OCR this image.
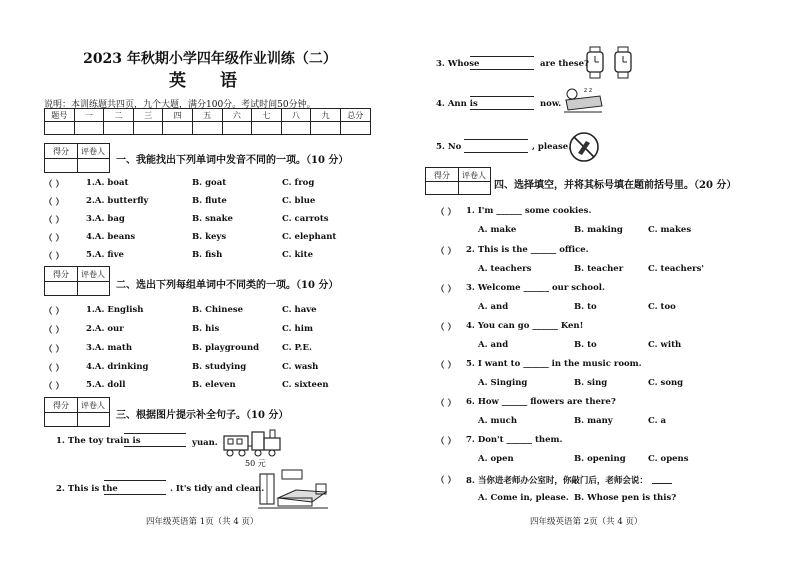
2023 年秋期小学四年级作业训练（二）
英 语
说明：本训练题共四页，九个大题，满分100分。考试时间50分钟。
题号	一	二	三	四	五	六	七	八	九	总分

得分	评卷人
一、我能找出下列单词中发音不同的一项。（10 分）
（ ）	1.A. boat	B. goat	C. frog
（ ）	2.A. butterfly	B. flute	C. blue
（ ）	3.A. bag	B. snake	C. carrots
（ ）	4.A. beans	B. keys	C. elephant
（ ）	5.A. five	B. fish	C. kite
得分	评卷人
二、选出下列每组单词中不同类的一项。（10 分）
（ ）	1.A. English	B. Chinese	C. have
（ ）	2.A. our	B. his	C. him
（ ）	3.A. math	B. playground	C. P.E.
（ ）	4.A. drinking	B. studying	C. wash
（ ）	5.A. doll	B. eleven	C. sixteen
得分	评卷人
三、根据图片提示补全句子。（10 分）
1. The toy train is	yuan.
50 元
2. This is the	. It's tidy and clean.
四年级英语第 1页（共 4 页）
3. Whose	are these?
4. Ann is	now.
z z
5. No	, please.
得分	评卷人
四、选择填空，并将其标号填在题前括号里。（20 分）
（ ） 1. I'm ______ some cookies.
A. make	B. making	C. makes
（ ） 2. This is the ______ office.
A. teachers	B. teacher	C. teachers'
（ ） 3. Welcome ______ our school.
A. and	B. to	C. too
（ ） 4. You can go ______ Ken!
A. and	B. to	C. with
（ ） 5. I want to ______ in the music room.
A. Singing	B. sing	C. song
（ ） 6. How ______ flowers are there?
A. much	B. many	C. a
（ ） 7. Don't ______ them.
A. open	B. opening	C. opens
（ ） 8. 当你进老师办公室时，你敲门后，老师会说：
A. Come in, please. B. Whose pen is this?
四年级英语第 2页（共 4 页）
